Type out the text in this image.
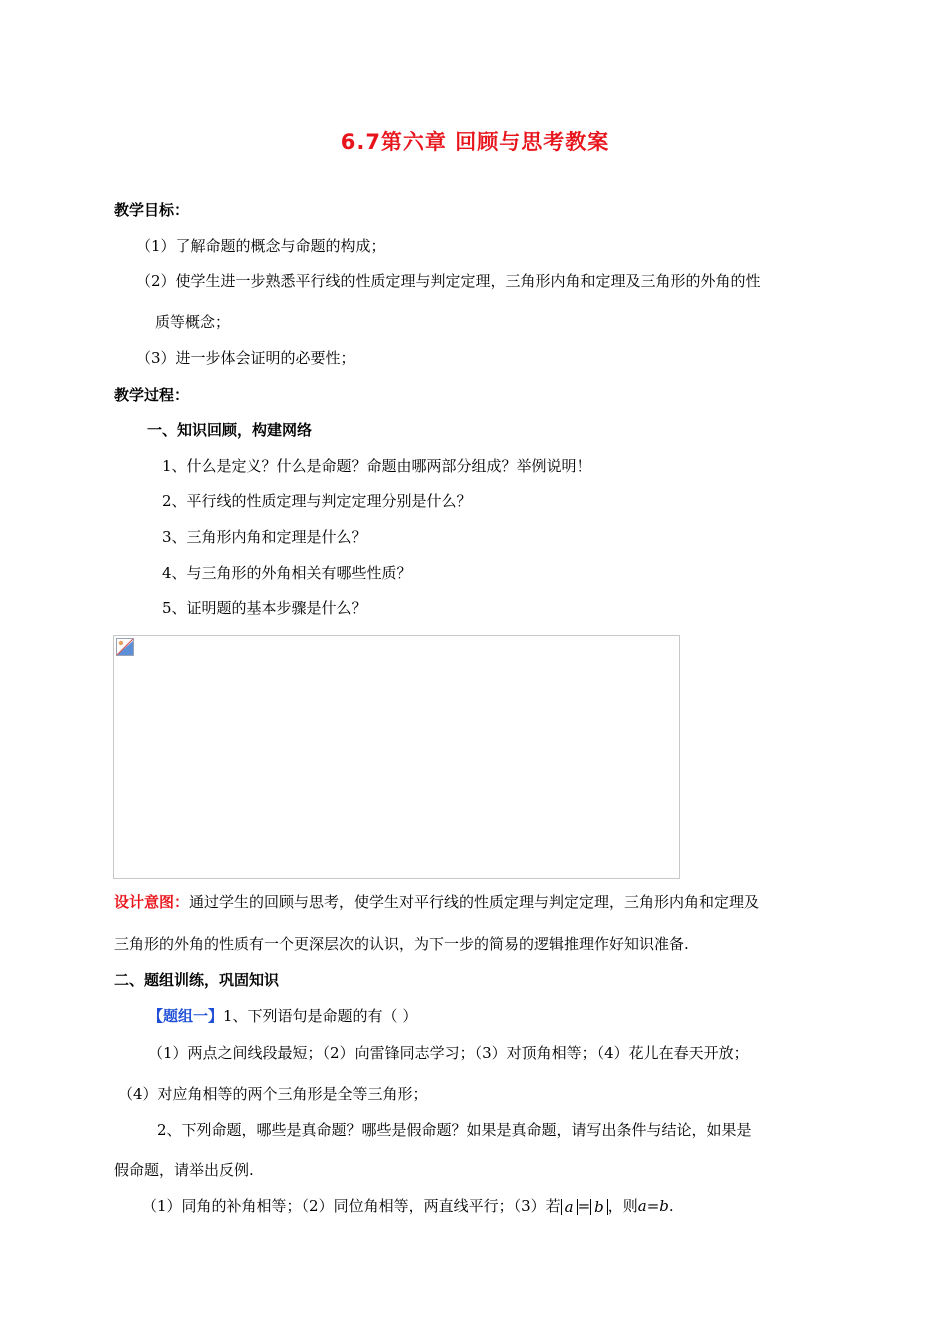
6.7第六章 回顾与思考教案
教学目标：
（1）了解命题的概念与命题的构成；
（2）使学生进一步熟悉平行线的性质定理与判定定理，三角形内角和定理及三角形的外角的性
质等概念；
（3）进一步体会证明的必要性；
教学过程：
一、知识回顾，构建网络
1、什么是定义？什么是命题？命题由哪两部分组成？举例说明！
2、平行线的性质定理与判定定理分别是什么？
3、三角形内角和定理是什么？
4、与三角形的外角相关有哪些性质？
5、证明题的基本步骤是什么？
设计意图：通过学生的回顾与思考，使学生对平行线的性质定理与判定定理，三角形内角和定理及
三角形的外角的性质有一个更深层次的认识，为下一步的简易的逻辑推理作好知识准备.
二、题组训练，巩固知识
【题组一】1、下列语句是命题的有（ ）
（1）两点之间线段最短；（2）向雷锋同志学习；（3）对顶角相等；（4）花儿在春天开放；
（4）对应角相等的两个三角形是全等三角形；
2、下列命题，哪些是真命题？哪些是假命题？如果是真命题，请写出条件与结论，如果是
假命题，请举出反例.
（1）同角的补角相等；（2）同位角相等，两直线平行；（3）若 a = b ，则a=b.
